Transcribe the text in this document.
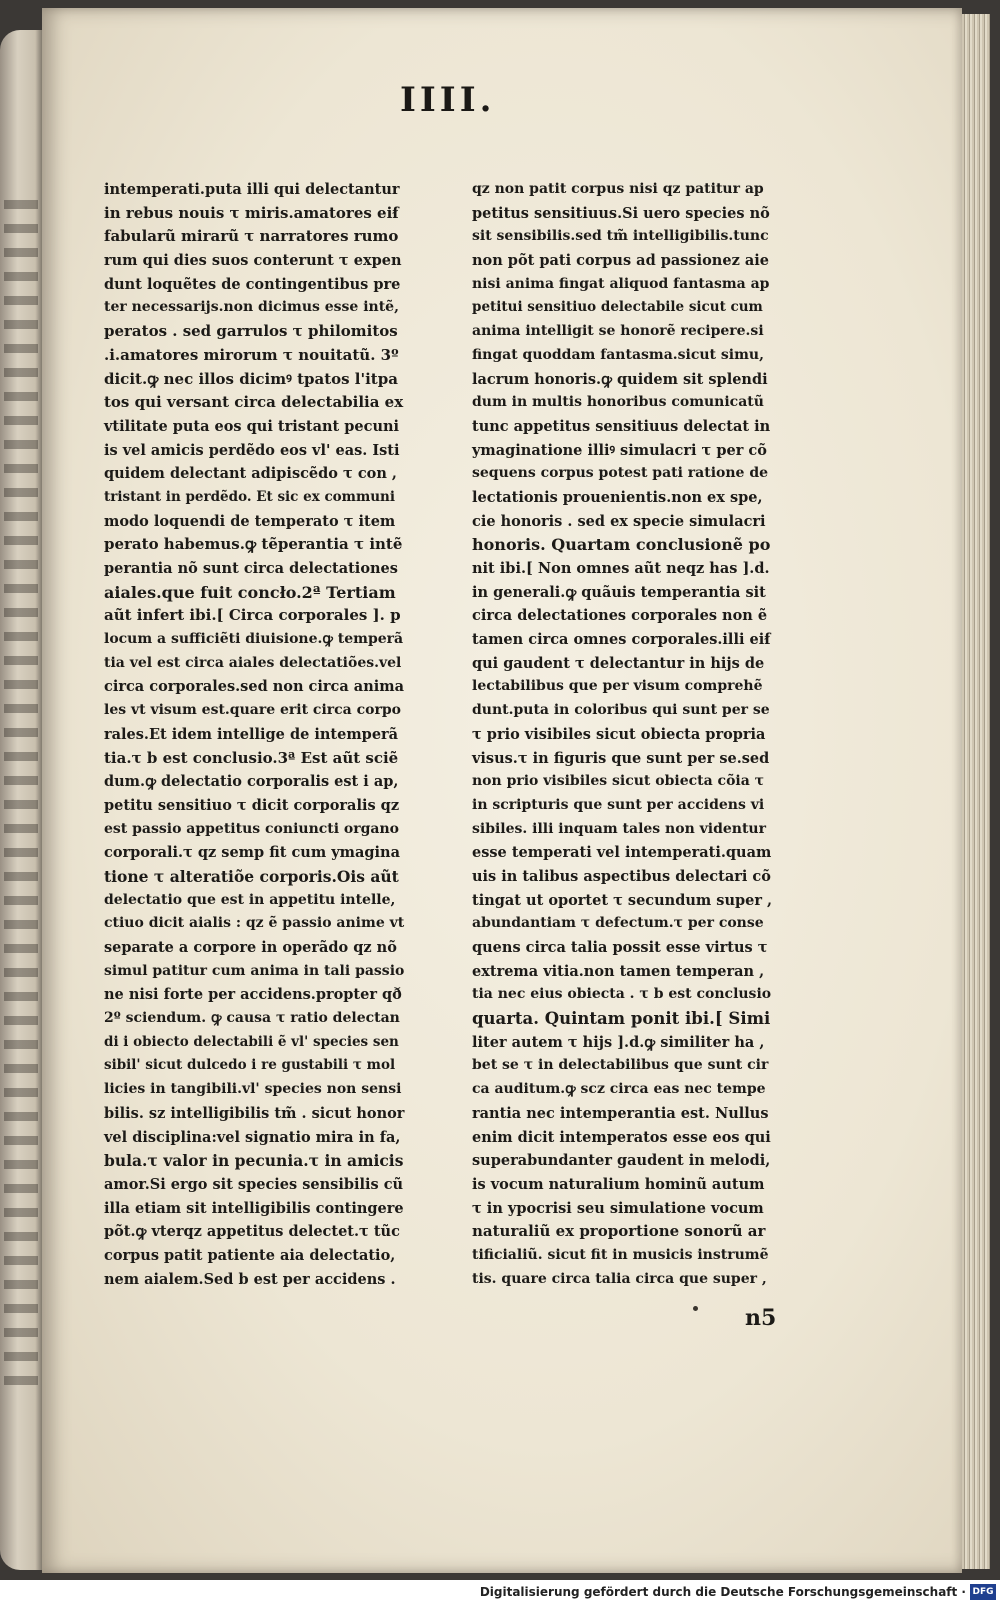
IIII.
intemperati.puta illi qui delectantur
in rebus nouis τ miris.amatores eiẜ
fabularũ mirarũ τ narratores rumo
rum qui dies suos conterunt τ expen
dunt loquẽtes de contingentibus pre
ter necessarijs.non dicimus esse intẽ,
peratos . sed garrulos τ philomitos
.i.amatores mirorum τ nouitatũ. 3º
dicit.ꝙ nec illos dicimꝰ tpatos l'itpa
tos qui versant circa delectabilia ex
vtilitate puta eos qui tristant pecuni
is vel amicis perdẽdo eos vl' eas. Isti
quidem delectant adipiscẽdo τ con ,
tristant in perdẽdo. Et sic ex communi
modo loquendi de temperato τ item
perato habemus.ꝙ tẽperantia τ intẽ
perantia nõ sunt circa delectationes
aiales.que fuit concło.2ª Tertiam
aũt infert ibi.[ Circa corporales ]. p
locum a sufficiẽti diuisione.ꝙ temperã
tia vel est circa aiales delectatiões.vel
circa corporales.sed non circa anima
les vt visum est.quare erit circa corpo
rales.Et idem intellige de intemperã
tia.τ b est conclusio.3ª Est aũt sciẽ
dum.ꝙ delectatio corporalis est i ap,
petitu sensitiuo τ dicit corporalis qz
est passio appetitus coniuncti organo
corporali.τ qz semp fit cum ymagina
tione τ alteratiõe corporis.Ois aũt
delectatio que est in appetitu intelle,
ctiuo dicit aialis : qz ẽ passio anime vt
separate a corpore in operãdo qz nõ
simul patitur cum anima in tali passio
ne nisi forte per accidens.propter qð
2º sciendum. ꝙ causa τ ratio delectan
di i obiecto delectabili ẽ vl' species sen
sibil' sicut dulcedo i re gustabili τ mol
licies in tangibili.vl' species non sensi
bilis. sz intelligibilis tm̃ . sicut honor
vel disciplina:vel signatio mira in fa,
bula.τ valor in pecunia.τ in amicis
amor.Si ergo sit species sensibilis cũ
illa etiam sit intelligibilis contingere
põt.ꝙ vterqz appetitus delectet.τ tũc
corpus patit patiente aia delectatio,
nem aialem.Sed b est per accidens .
qz non patit corpus nisi qz patitur ap
petitus sensitiuus.Si uero species nõ
sit sensibilis.sed tm̃ intelligibilis.tunc
non põt pati corpus ad passionez aie
nisi anima fingat aliquod fantasma ap
petitui sensitiuo delectabile sicut cum
anima intelligit se honorẽ recipere.si
fingat quoddam fantasma.sicut simu,
lacrum honoris.ꝙ quidem sit splendi
dum in multis honoribus comunicatũ
tunc appetitus sensitiuus delectat in
ymaginatione illiꝰ simulacri τ per cõ
sequens corpus potest pati ratione de
lectationis prouenientis.non ex spe,
cie honoris . sed ex specie simulacri
honoris. Quartam conclusionẽ po
nit ibi.[ Non omnes aũt neqz has ].d.
in generali.ꝙ quãuis temperantia sit
circa delectationes corporales non ẽ
tamen circa omnes corporales.illi eiẜ
qui gaudent τ delectantur in hijs de
lectabilibus que per visum comprehẽ
dunt.puta in coloribus qui sunt per se
τ prio visibiles sicut obiecta propria
visus.τ in figuris que sunt per se.sed
non prio visibiles sicut obiecta cõia τ
in scripturis que sunt per accidens vi
sibiles. illi inquam tales non videntur
esse temperati vel intemperati.quam
uis in talibus aspectibus delectari cõ
tingat ut oportet τ secundum super ,
abundantiam τ defectum.τ per conse
quens circa talia possit esse virtus τ
extrema vitia.non tamen temperan ,
tia nec eius obiecta . τ b est conclusio
quarta. Quintam ponit ibi.[ Simi
liter autem τ hijs ].d.ꝙ similiter ha ,
bet se τ in delectabilibus que sunt cir
ca auditum.ꝙ scz circa eas nec tempe
rantia nec intemperantia est. Nullus
enim dicit intemperatos esse eos qui
superabundanter gaudent in melodi,
is vocum naturalium hominũ autum
τ in ypocrisi seu simulatione vocum
naturaliũ ex proportione sonorũ ar
tificialiũ. sicut fit in musicis instrumẽ
tis. quare circa talia circa que super ,
n5
Digitalisierung gefördert durch die Deutsche Forschungsgemeinschaft · DFG
